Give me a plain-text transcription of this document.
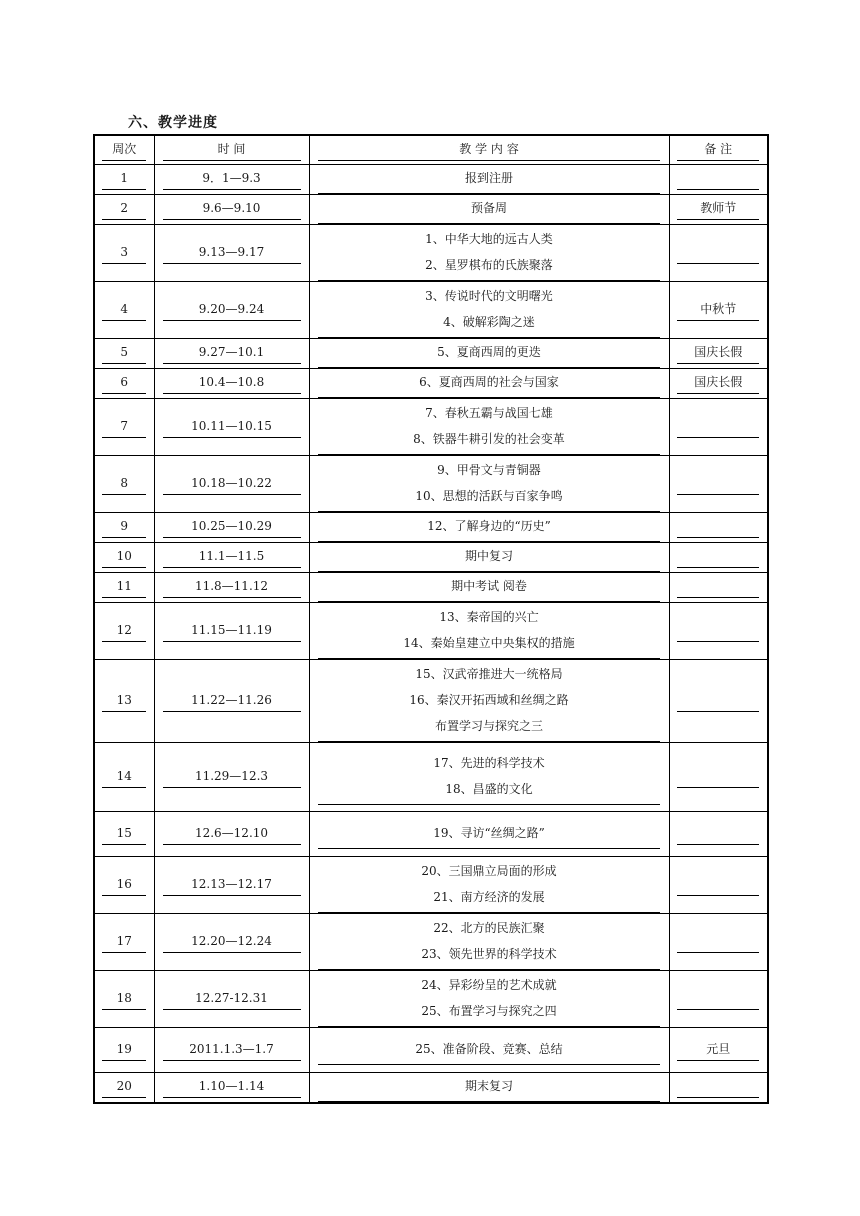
六、教学进度
周次	时 间	教 学 内 容	备 注

1	9．1—9.3	报到注册	

2	9.6—9.10	预备周	教师节

3	9.13—9.17	1、中华大地的远古人类
2、星罗棋布的氏族聚落	

4	9.20—9.24	3、传说时代的文明曙光
4、破解彩陶之迷	中秋节

5	9.27—10.1	5、夏商西周的更迭	国庆长假

6	10.4—10.8	6、夏商西周的社会与国家	国庆长假

7	10.11—10.15	7、春秋五霸与战国七雄
8、铁器牛耕引发的社会变革	

8	10.18—10.22	9、甲骨文与青铜器
10、思想的活跃与百家争鸣	

9	10.25—10.29	12、了解身边的“历史”	

10	11.1—11.5	期中复习	

11	11.8—11.12	期中考试 阅卷	

12	11.15—11.19	13、秦帝国的兴亡
14、秦始皇建立中央集权的措施	

13	11.22—11.26	15、汉武帝推进大一统格局
16、秦汉开拓西域和丝绸之路
布置学习与探究之三	

14	11.29—12.3	17、先进的科学技术
18、昌盛的文化	

15	12.6—12.10	19、寻访“丝绸之路”	

16	12.13—12.17	20、三国鼎立局面的形成
21、南方经济的发展	

17	12.20—12.24	22、北方的民族汇聚
23、领先世界的科学技术	

18	12.27-12.31	24、异彩纷呈的艺术成就
25、布置学习与探究之四	

19	2011.1.3—1.7	25、准备阶段、竞赛、总结	元旦

20	1.10—1.14	期末复习	
